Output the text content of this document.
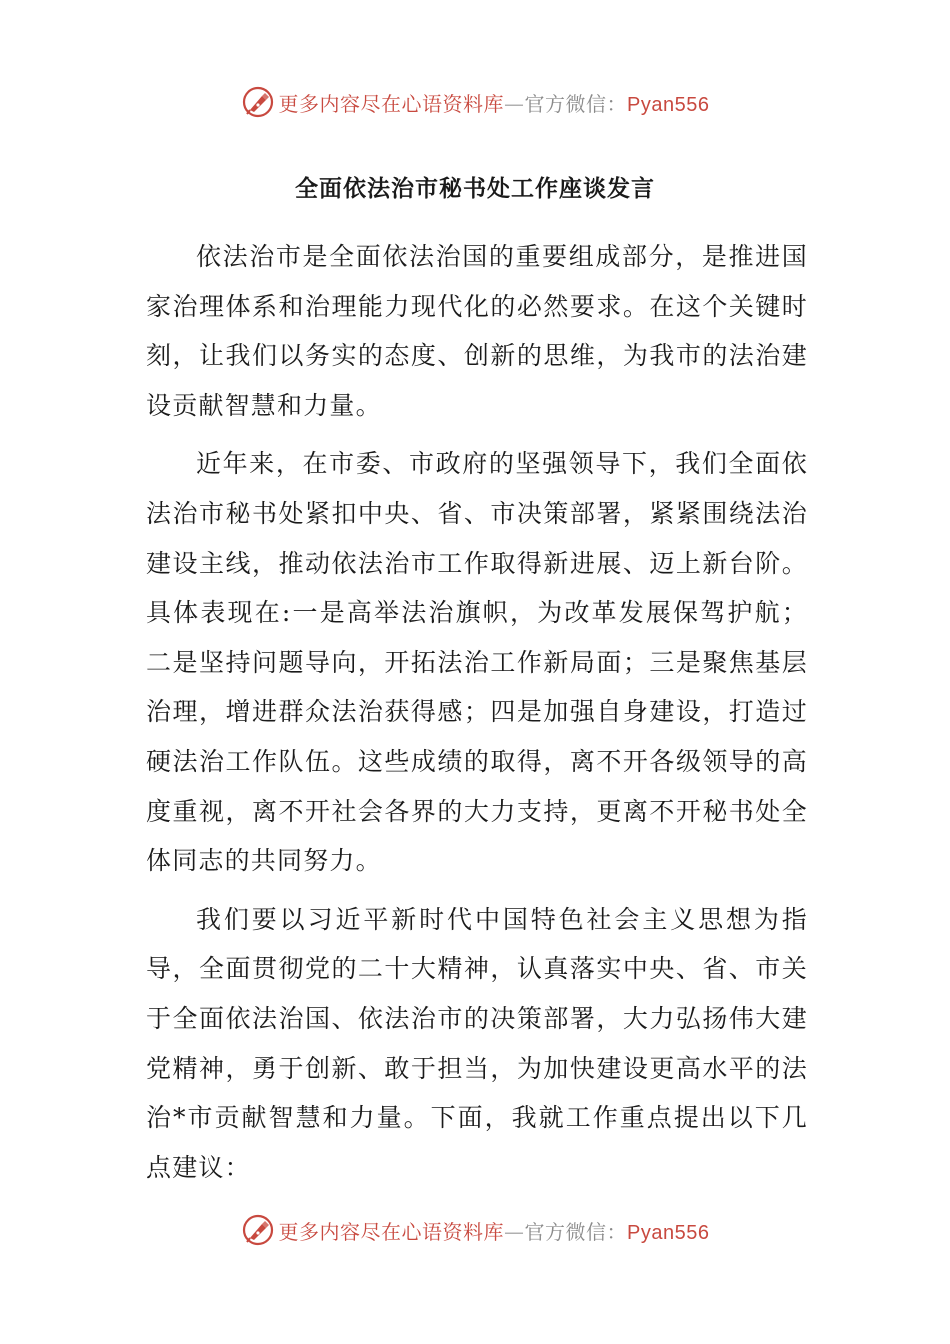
更多内容尽在心语资料库—官方微信：Pyan556
全面依法治市秘书处工作座谈发言

依法治市是全面依法治国的重要组成部分，是推进国家治理体系和治理能力现代化的必然要求。在这个关键时刻，让我们以务实的态度、创新的思维，为我市的法治建设贡献智慧和力量。

近年来，在市委、市政府的坚强领导下，我们全面依法治市秘书处紧扣中央、省、市决策部署，紧紧围绕法治建设主线，推动依法治市工作取得新进展、迈上新台阶。具体表现在:一是高举法治旗帜，为改革发展保驾护航；二是坚持问题导向，开拓法治工作新局面；三是聚焦基层治理，增进群众法治获得感；四是加强自身建设，打造过硬法治工作队伍。这些成绩的取得，离不开各级领导的高度重视，离不开社会各界的大力支持，更离不开秘书处全体同志的共同努力。

我们要以习近平新时代中国特色社会主义思想为指导，全面贯彻党的二十大精神，认真落实中央、省、市关于全面依法治国、依法治市的决策部署，大力弘扬伟大建党精神，勇于创新、敢于担当，为加快建设更高水平的法治*市贡献智慧和力量。下面，我就工作重点提出以下几点建议：

更多内容尽在心语资料库—官方微信：Pyan556
